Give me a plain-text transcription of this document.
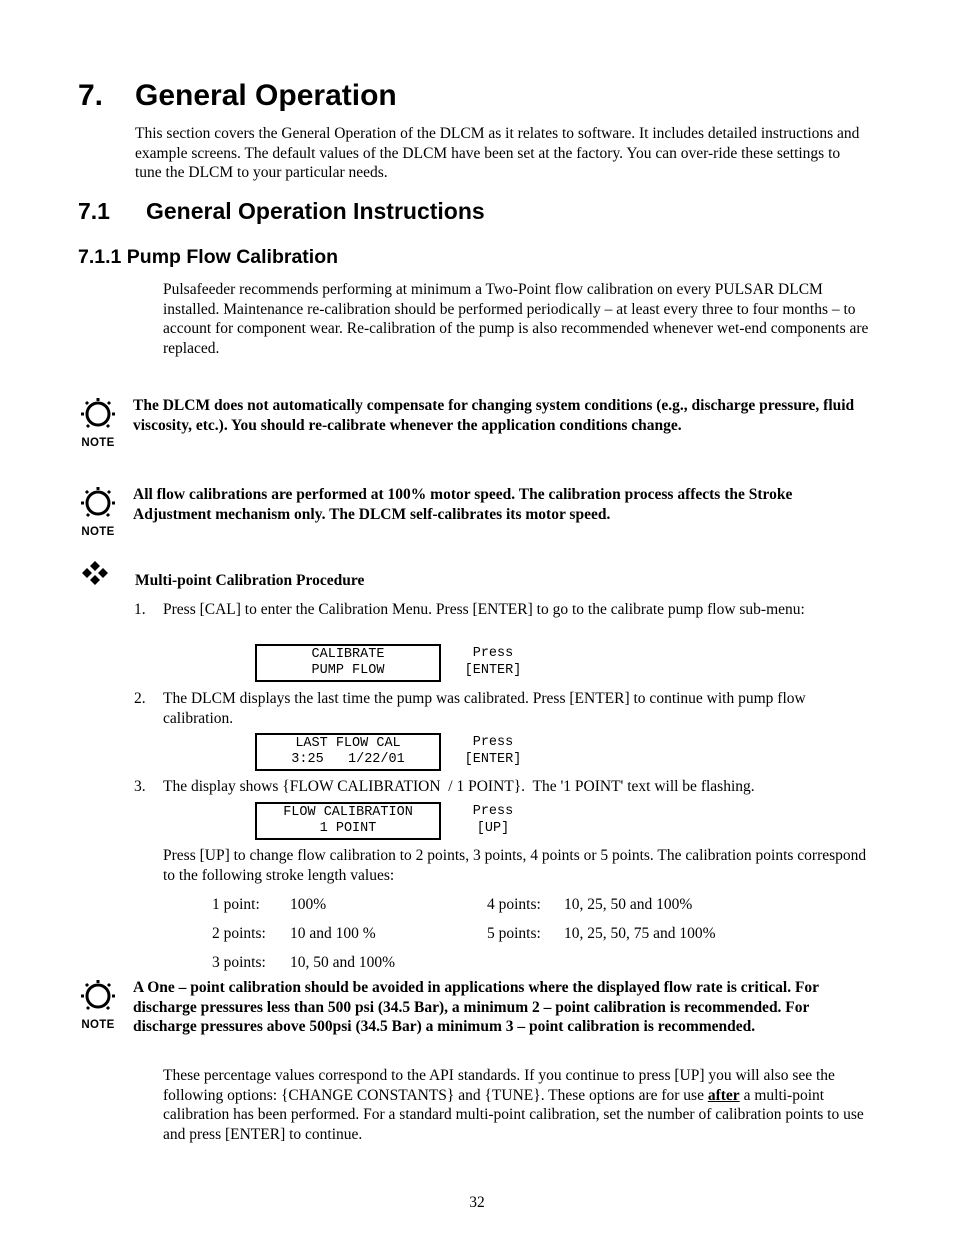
7. General Operation

This section covers the General Operation of the DLCM as it relates to software. It includes detailed instructions and example screens. The default values of the DLCM have been set at the factory. You can over-ride these settings to tune the DLCM to your particular needs.

7.1 General Operation Instructions
7.1.1 Pump Flow Calibration

Pulsafeeder recommends performing at minimum a Two-Point flow calibration on every PULSAR DLCM installed. Maintenance re-calibration should be performed periodically – at least every three to four months – to account for component wear. Re-calibration of the pump is also recommended whenever wet-end components are replaced.

NOTE

The DLCM does not automatically compensate for changing system conditions (e.g., discharge pressure, fluid viscosity, etc.). You should re-calibrate whenever the application conditions change.

NOTE

All flow calibrations are performed at 100% motor speed. The calibration process affects the Stroke Adjustment mechanism only. The DLCM self-calibrates its motor speed.

Multi-point Calibration Procedure

1. Press [CAL] to enter the Calibration Menu. Press [ENTER] to go to the calibrate pump flow sub-menu:

CALIBRATE
PUMP FLOW
Press
[ENTER]
2. The DLCM displays the last time the pump was calibrated. Press [ENTER] to continue with pump flow calibration.

LAST FLOW CAL
3:25   1/22/01
Press
[ENTER]
3. The display shows {FLOW CALIBRATION  / 1 POINT}.  The '1 POINT' text will be flashing.

FLOW CALIBRATION
1 POINT
Press
[UP]

Press [UP] to change flow calibration to 2 points, 3 points, 4 points or 5 points. The calibration points correspond to the following stroke length values:

1 point: 100%	4 points: 10, 25, 50 and 100%
2 points: 10 and 100 %	5 points: 10, 25, 50, 75 and 100%
3 points: 10, 50 and 100%
NOTE

A One – point calibration should be avoided in applications where the displayed flow rate is critical. For discharge pressures less than 500 psi (34.5 Bar), a minimum 2 – point calibration is recommended. For discharge pressures above 500psi (34.5 Bar) a minimum 3 – point calibration is recommended.

These percentage values correspond to the API standards. If you continue to press [UP] you will also see the following options: {CHANGE CONSTANTS} and {TUNE}. These options are for use after a multi-point calibration has been performed. For a standard multi-point calibration, set the number of calibration points to use and press [ENTER] to continue.

32
